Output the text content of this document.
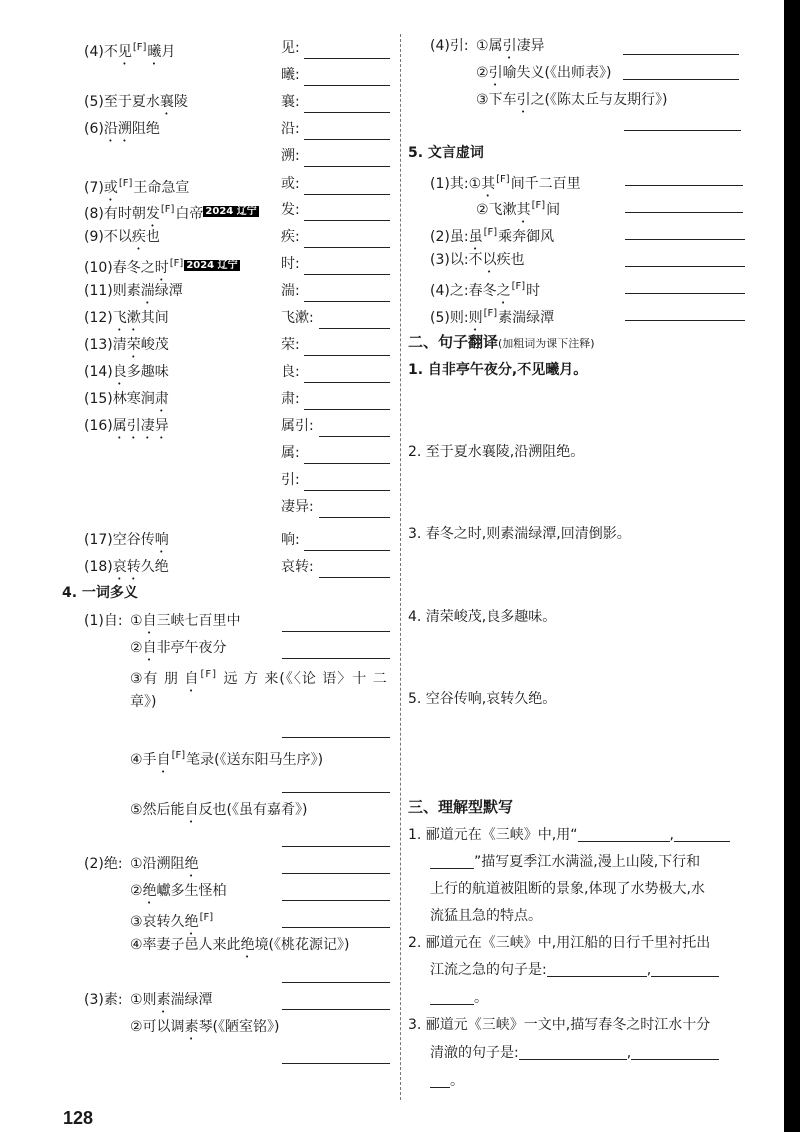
(4)不见[F]曦月	见:
曦:
(5)至于夏水襄陵	襄:
(6)沿溯阻绝	沿:
溯:
(7)或[F]王命急宣	或:
(8)有时朝发[F]白帝 $^{2024 辽宁}$ 发:
(9)不以疾也	疾:
(10)春冬之时[F] $^{2024 辽宁}$	时:
(11)则素湍绿潭	湍:
(12)飞漱其间	飞漱:
(13)清荣峻茂	荣:
(14)良多趣味	良:
(15)林寒涧肃	肃:
(16)属引凄异	属引:
属:
引:
凄异:
(17)空谷传响	响:
(18)哀转久绝	哀转:
4. 一词多义
(1)自: ①自三峡七百里中
②自非亭午夜分
③有 朋 自[F] 远 方 来(《〈论 语〉十 二
章》)
④手自[F]笔录(《送东阳马生序》)
⑤然后能自反也(《虽有嘉肴》)
(2)绝: ①沿溯阻绝
②绝巘多生怪柏
③哀转久绝[F]
④率妻子邑人来此绝境(《桃花源记》)
(3)素: ①则素湍绿潭
②可以调素琴(《陋室铭》)
(4)引: ①属引凄异
②引喻失义(《出师表》)
③下车引之(《陈太丘与友期行》)
5. 文言虚词
(1)其:①其[F]间千二百里
②飞漱其[F]间
(2)虽:虽[F]乘奔御风
(3)以:不以疾也
(4)之:春冬之[F]时
(5)则:则[F]素湍绿潭
二、句子翻译(加粗词为课下注释)
1. 自非亭午夜分,不见曦月。
2. 至于夏水襄陵,沿溯阻绝。
3. 春冬之时,则素湍绿潭,回清倒影。
4. 清荣峻茂,良多趣味。
5. 空谷传响,哀转久绝。
三、理解型默写
1. 郦道元在《三峡》中,用“	,
”描写夏季江水满溢,漫上山陵,下行和
上行的航道被阻断的景象,体现了水势极大,水
流猛且急的特点。
2. 郦道元在《三峡》中,用江船的日行千里衬托出
江流之急的句子是:	,
。
3. 郦道元《三峡》一文中,描写春冬之时江水十分
清澈的句子是:	,
。
128
